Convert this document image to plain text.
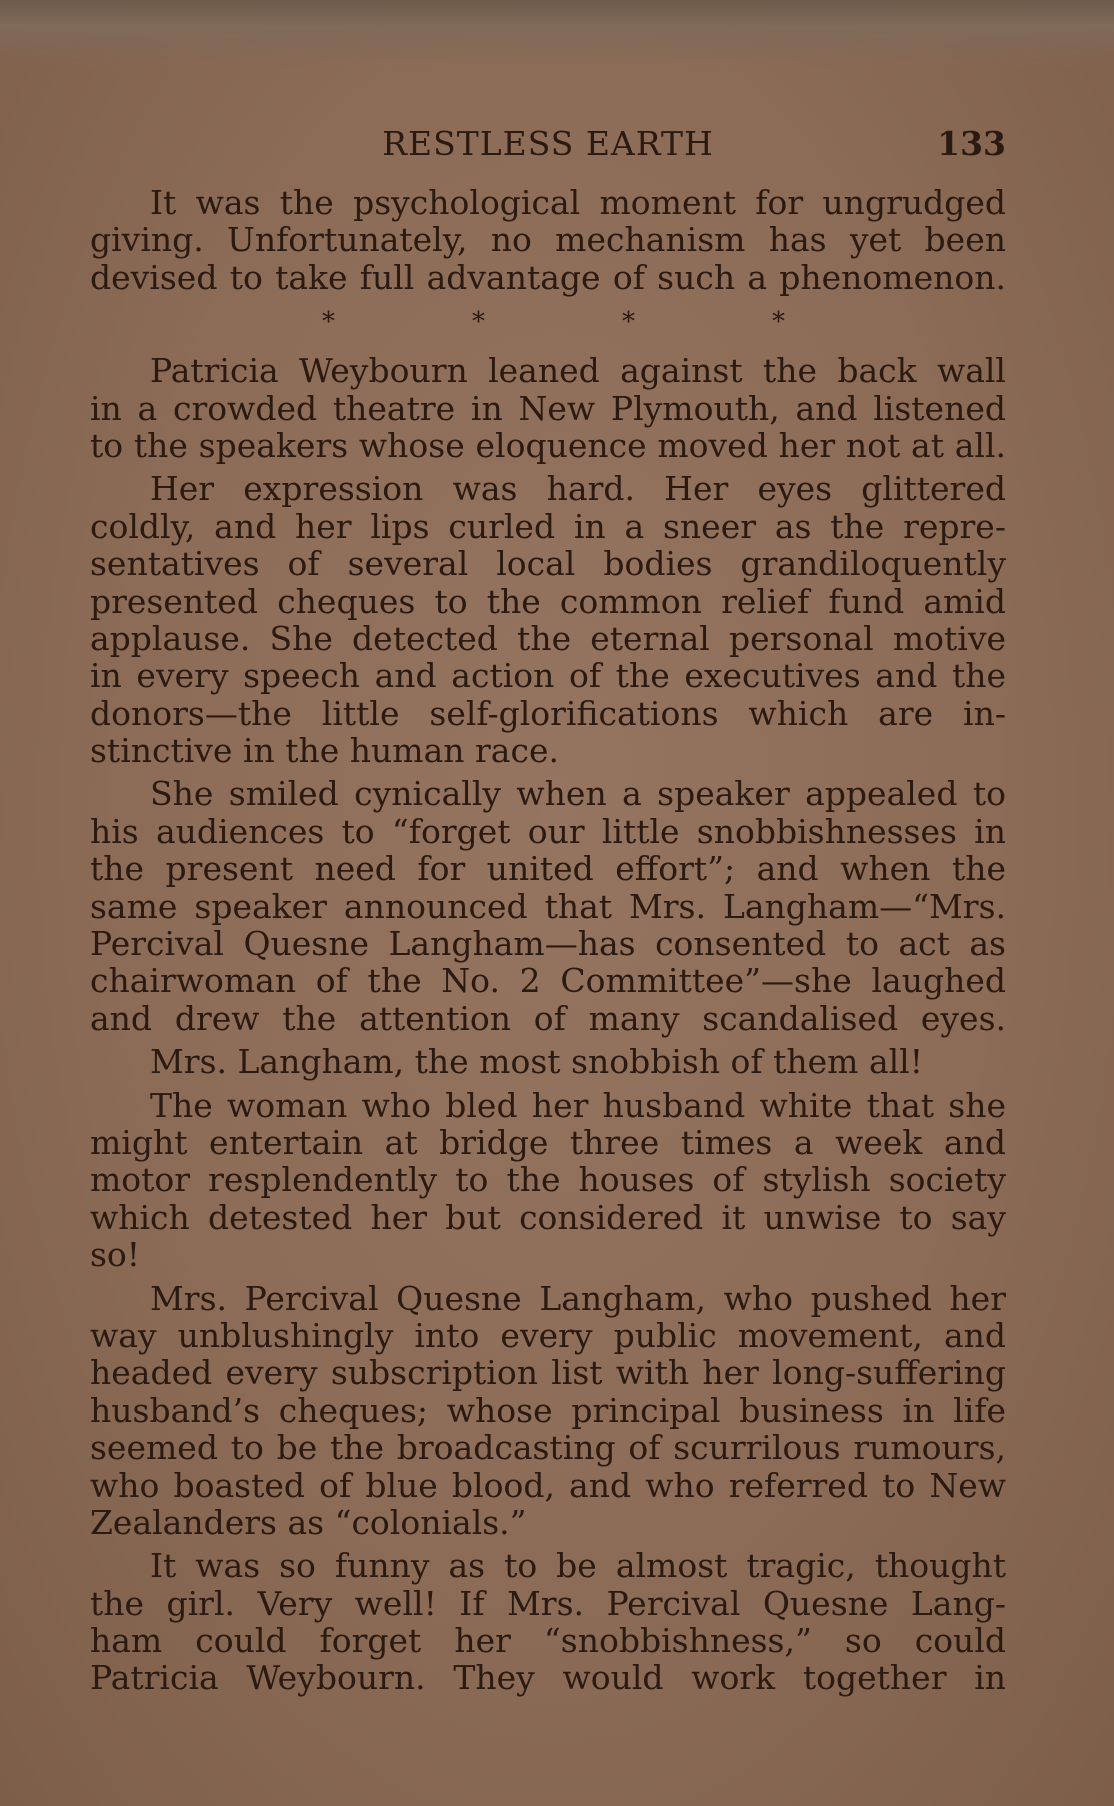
RESTLESS EARTH	133
It was the psychological moment for ungrudged
giving. Unfortunately, no mechanism has yet been
devised to take full advantage of such a phenomenon.
*	*	*	*
Patricia Weybourn leaned against the back wall
in a crowded theatre in New Plymouth, and listened
to the speakers whose eloquence moved her not at all.
Her expression was hard. Her eyes glittered
coldly, and her lips curled in a sneer as the repre-
sentatives of several local bodies grandiloquently
presented cheques to the common relief fund amid
applause. She detected the eternal personal motive
in every speech and action of the executives and the
donors—the little self-glorifications which are in-
stinctive in the human race.
She smiled cynically when a speaker appealed to
his audiences to “forget our little snobbishnesses in
the present need for united effort”; and when the
same speaker announced that Mrs. Langham—“Mrs.
Percival Quesne Langham—has consented to act as
chairwoman of the No. 2 Committee”—she laughed
and drew the attention of many scandalised eyes.
Mrs. Langham, the most snobbish of them all!
The woman who bled her husband white that she
might entertain at bridge three times a week and
motor resplendently to the houses of stylish society
which detested her but considered it unwise to say
so!
Mrs. Percival Quesne Langham, who pushed her
way unblushingly into every public movement, and
headed every subscription list with her long-suffering
husband’s cheques; whose principal business in life
seemed to be the broadcasting of scurrilous rumours,
who boasted of blue blood, and who referred to New
Zealanders as “colonials.”
It was so funny as to be almost tragic, thought
the girl. Very well! If Mrs. Percival Quesne Lang-
ham could forget her “snobbishness,” so could
Patricia Weybourn. They would work together in
